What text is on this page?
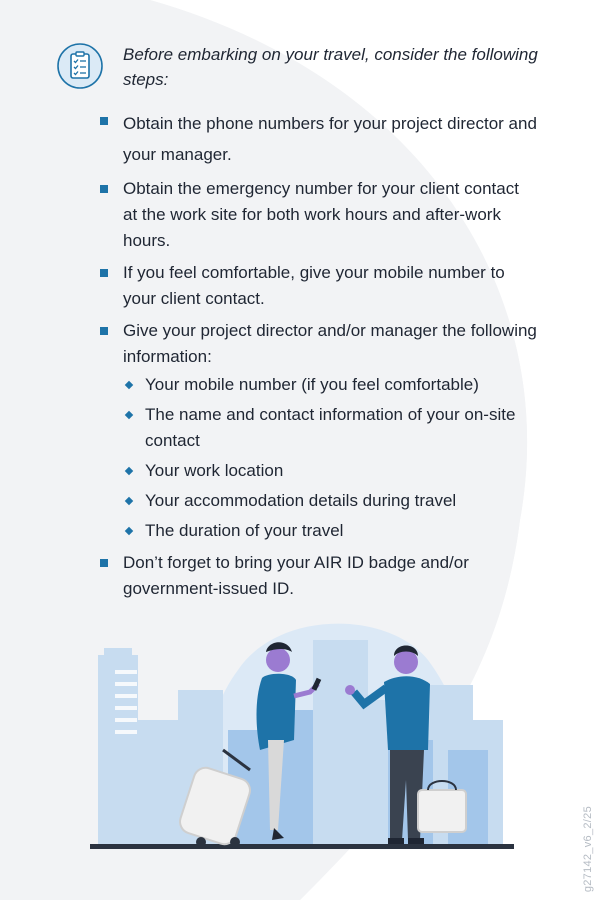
Before embarking on your travel, consider the following steps:

Obtain the phone numbers for your project director and your manager.
Obtain the emergency number for your client contact at the work site for both work hours and after-work hours.
If you feel comfortable, give your mobile number to your client contact.
Give your project director and/or manager the following information:
Your mobile number (if you feel comfortable)
The name and contact information of your on-site contact
Your work location
Your accommodation details during travel
The duration of your travel
Don’t forget to bring your AIR ID badge and/or government-issued ID.
g27142_v6_2/25
